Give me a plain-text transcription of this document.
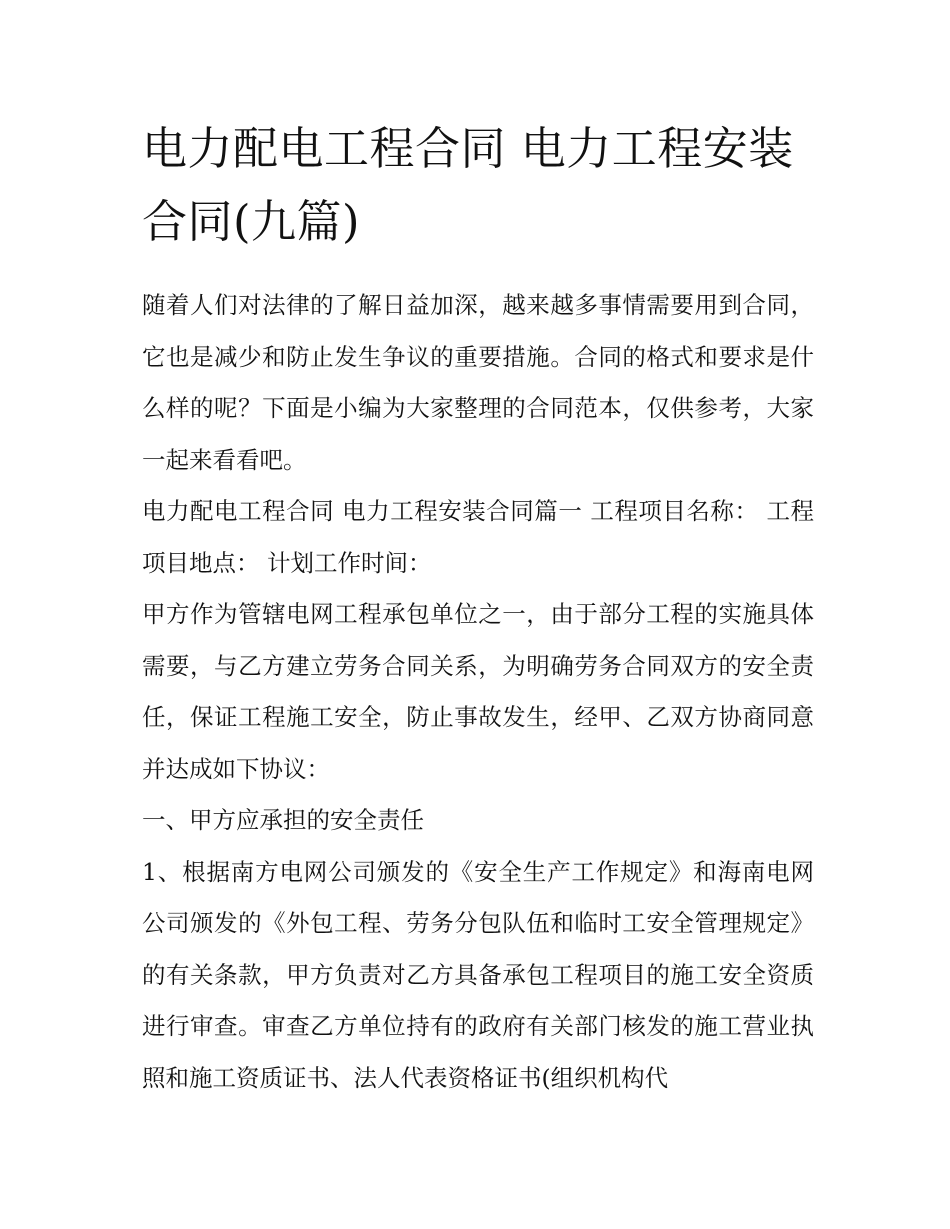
电力配电工程合同 电力工程安装合同(九篇)

随着人们对法律的了解日益加深，越来越多事情需要用到合同，它也是减少和防止发生争议的重要措施。合同的格式和要求是什么样的呢？下面是小编为大家整理的合同范本，仅供参考，大家一起来看看吧。

电力配电工程合同 电力工程安装合同篇一 工程项目名称： 工程项目地点： 计划工作时间：

甲方作为管辖电网工程承包单位之一，由于部分工程的实施具体需要，与乙方建立劳务合同关系，为明确劳务合同双方的安全责任，保证工程施工安全，防止事故发生，经甲、乙双方协商同意并达成如下协议：

一、甲方应承担的安全责任

1、根据南方电网公司颁发的《安全生产工作规定》和海南电网公司颁发的《外包工程、劳务分包队伍和临时工安全管理规定》的有关条款，甲方负责对乙方具备承包工程项目的施工安全资质进行审查。审查乙方单位持有的政府有关部门核发的施工营业执照和施工资质证书、法人代表资格证书(组织机构代
